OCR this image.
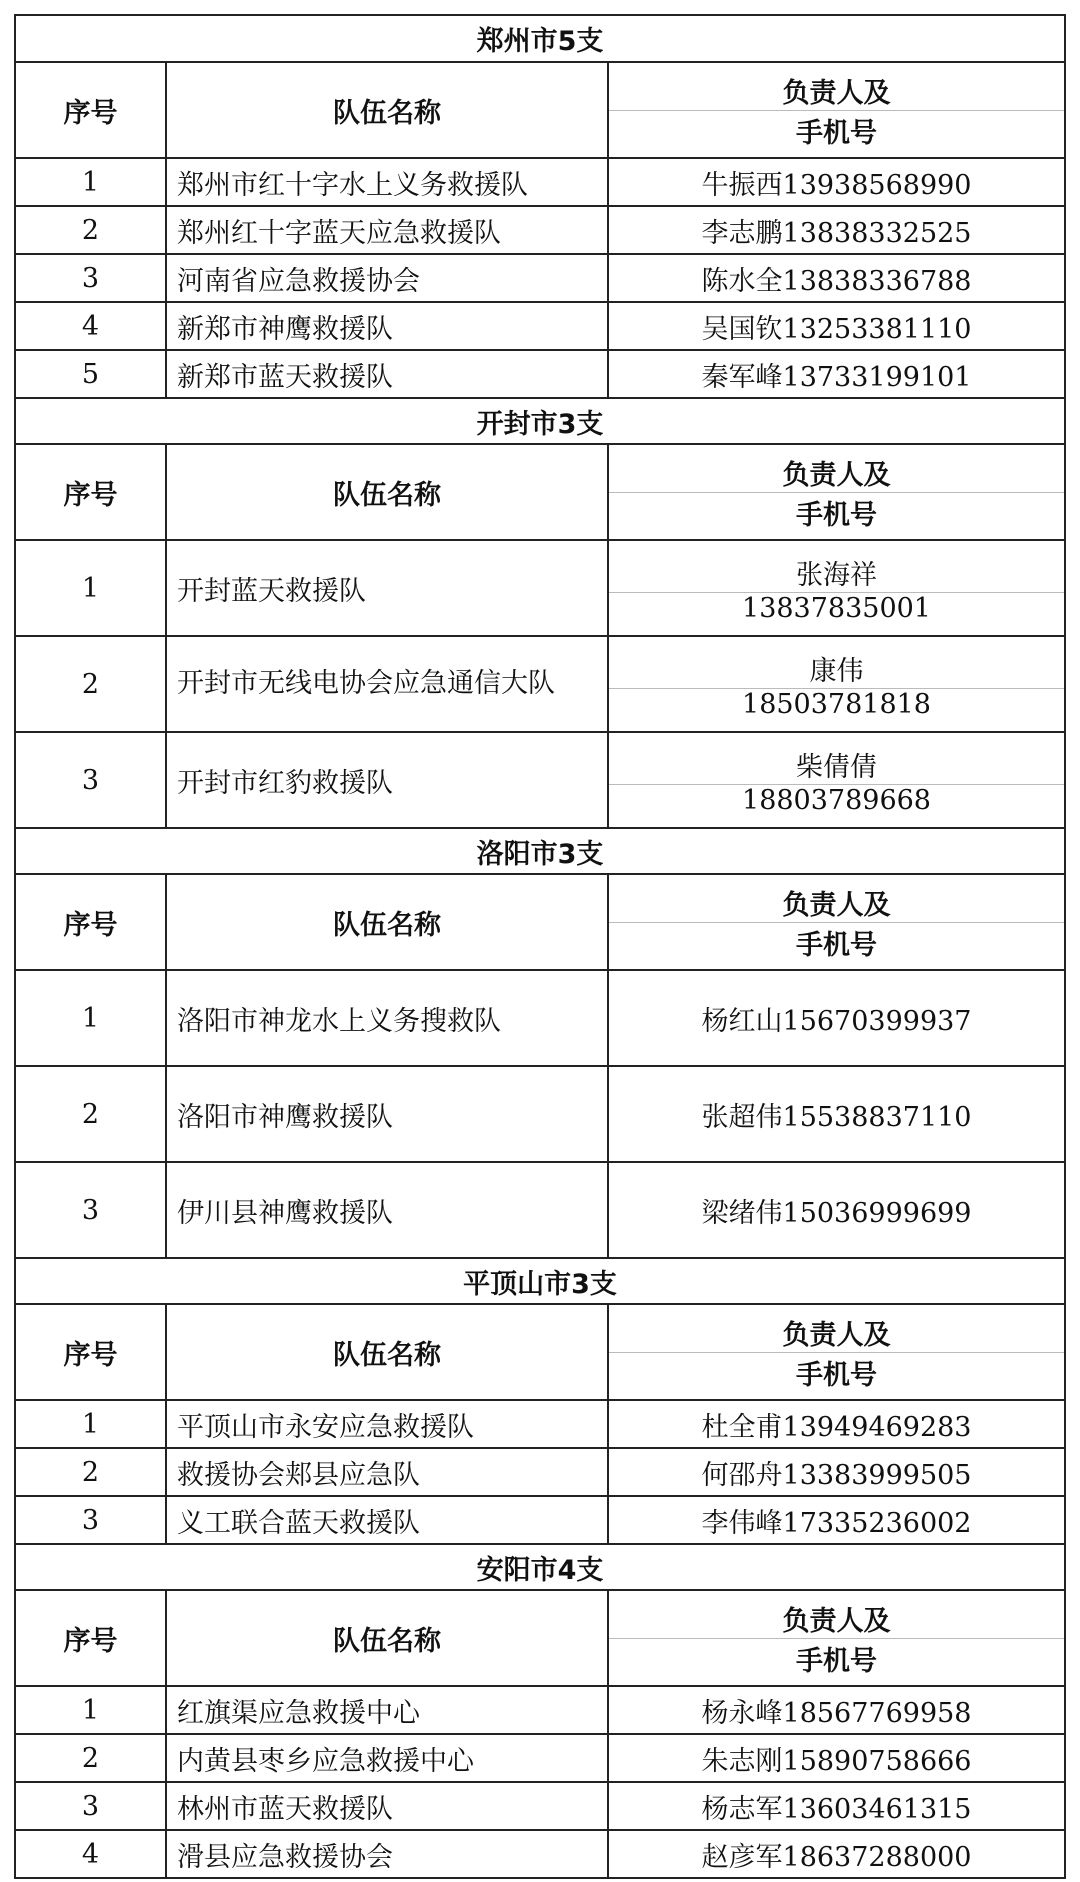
郑州市5支		
序号	队伍名称	负责人及
手机号

1	郑州市红十字水上义务救援队	牛振西13938568990
2	郑州红十字蓝天应急救援队	李志鹏13838332525
3	河南省应急救援协会	陈水全13838336788
4	新郑市神鹰救援队	吴国钦13253381110
5	新郑市蓝天救援队	秦军峰13733199101
开封市3支		
序号	队伍名称	负责人及
手机号

1	开封蓝天救援队	张海祥
13837835001

2	开封市无线电协会应急通信大队	康伟
18503781818

3	开封市红豹救援队	柴倩倩
18803789668

洛阳市3支		
序号	队伍名称	负责人及
手机号

1	洛阳市神龙水上义务搜救队	杨红山15670399937
2	洛阳市神鹰救援队	张超伟15538837110
3	伊川县神鹰救援队	梁绪伟15036999699
平顶山市3支		
序号	队伍名称	负责人及
手机号

1	平顶山市永安应急救援队	杜全甫13949469283
2	救援协会郏县应急队	何邵舟13383999505
3	义工联合蓝天救援队	李伟峰17335236002
安阳市4支		
序号	队伍名称	负责人及
手机号

1	红旗渠应急救援中心	杨永峰18567769958
2	内黄县枣乡应急救援中心	朱志刚15890758666
3	林州市蓝天救援队	杨志军13603461315
4	滑县应急救援协会	赵彦军18637288000
